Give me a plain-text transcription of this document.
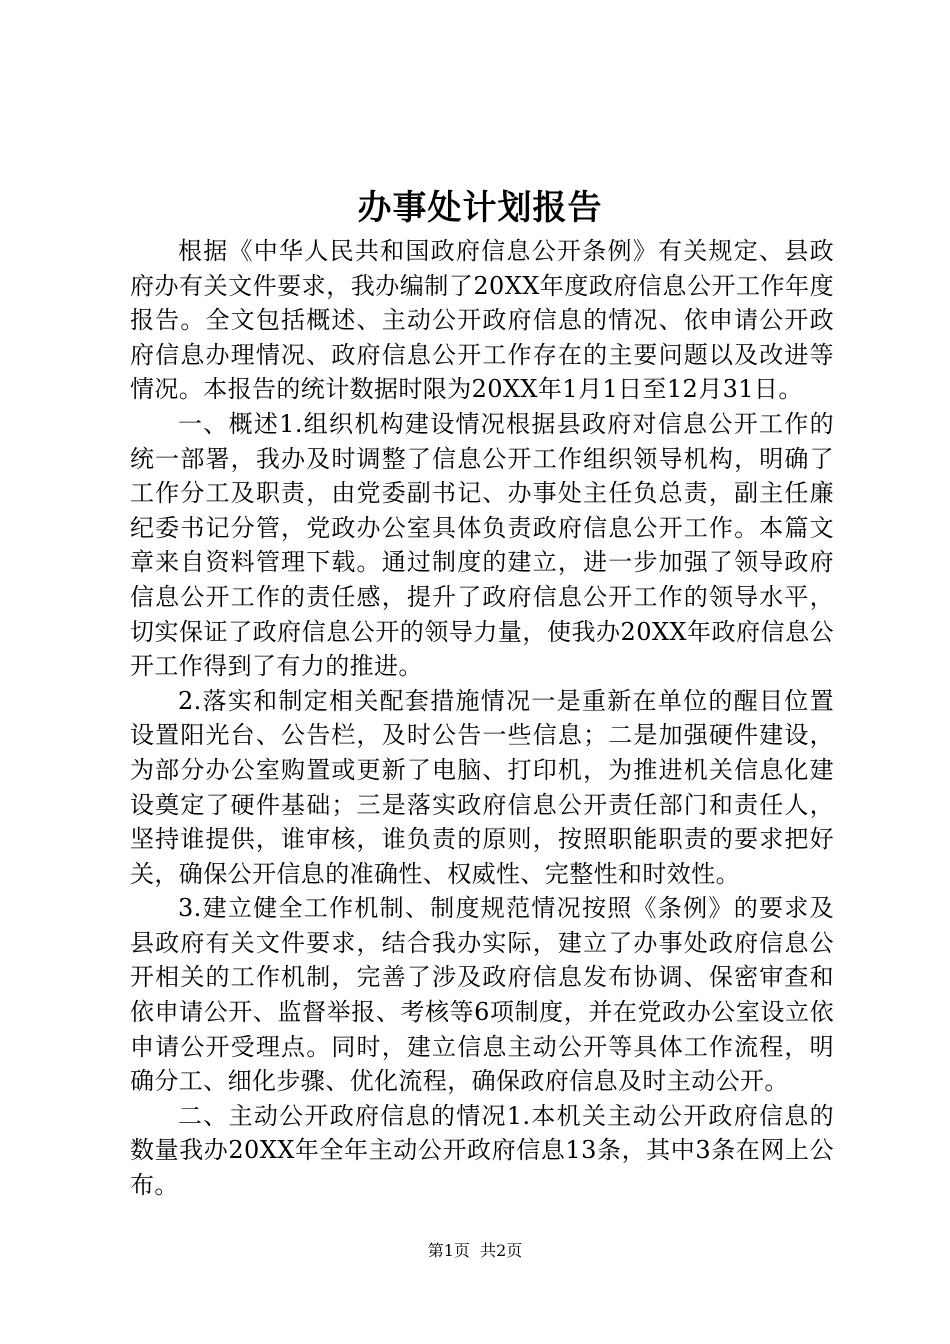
办事处计划报告

根据《中华人民共和国政府信息公开条例》有关规定、县政府办有关文件要求，我办编制了20XX年度政府信息公开工作年度报告。全文包括概述、主动公开政府信息的情况、依申请公开政府信息办理情况、政府信息公开工作存在的主要问题以及改进等情况。本报告的统计数据时限为20XX年1月1日至12月31日。

一、概述1.组织机构建设情况根据县政府对信息公开工作的统一部署，我办及时调整了信息公开工作组织领导机构，明确了工作分工及职责，由党委副书记、办事处主任负总责，副主任廉纪委书记分管，党政办公室具体负责政府信息公开工作。本篇文章来自资料管理下载。通过制度的建立，进一步加强了领导政府信息公开工作的责任感，提升了政府信息公开工作的领导水平，切实保证了政府信息公开的领导力量，使我办20XX年政府信息公开工作得到了有力的推进。

2.落实和制定相关配套措施情况一是重新在单位的醒目位置设置阳光台、公告栏，及时公告一些信息；二是加强硬件建设，为部分办公室购置或更新了电脑、打印机，为推进机关信息化建设奠定了硬件基础；三是落实政府信息公开责任部门和责任人，坚持谁提供，谁审核，谁负责的原则，按照职能职责的要求把好关，确保公开信息的准确性、权威性、完整性和时效性。

3.建立健全工作机制、制度规范情况按照《条例》的要求及县政府有关文件要求，结合我办实际，建立了办事处政府信息公开相关的工作机制，完善了涉及政府信息发布协调、保密审查和依申请公开、监督举报、考核等6项制度，并在党政办公室设立依申请公开受理点。同时，建立信息主动公开等具体工作流程，明确分工、细化步骤、优化流程，确保政府信息及时主动公开。

二、主动公开政府信息的情况1.本机关主动公开政府信息的数量我办20XX年全年主动公开政府信息13条，其中3条在网上公布。

第1页 共2页
